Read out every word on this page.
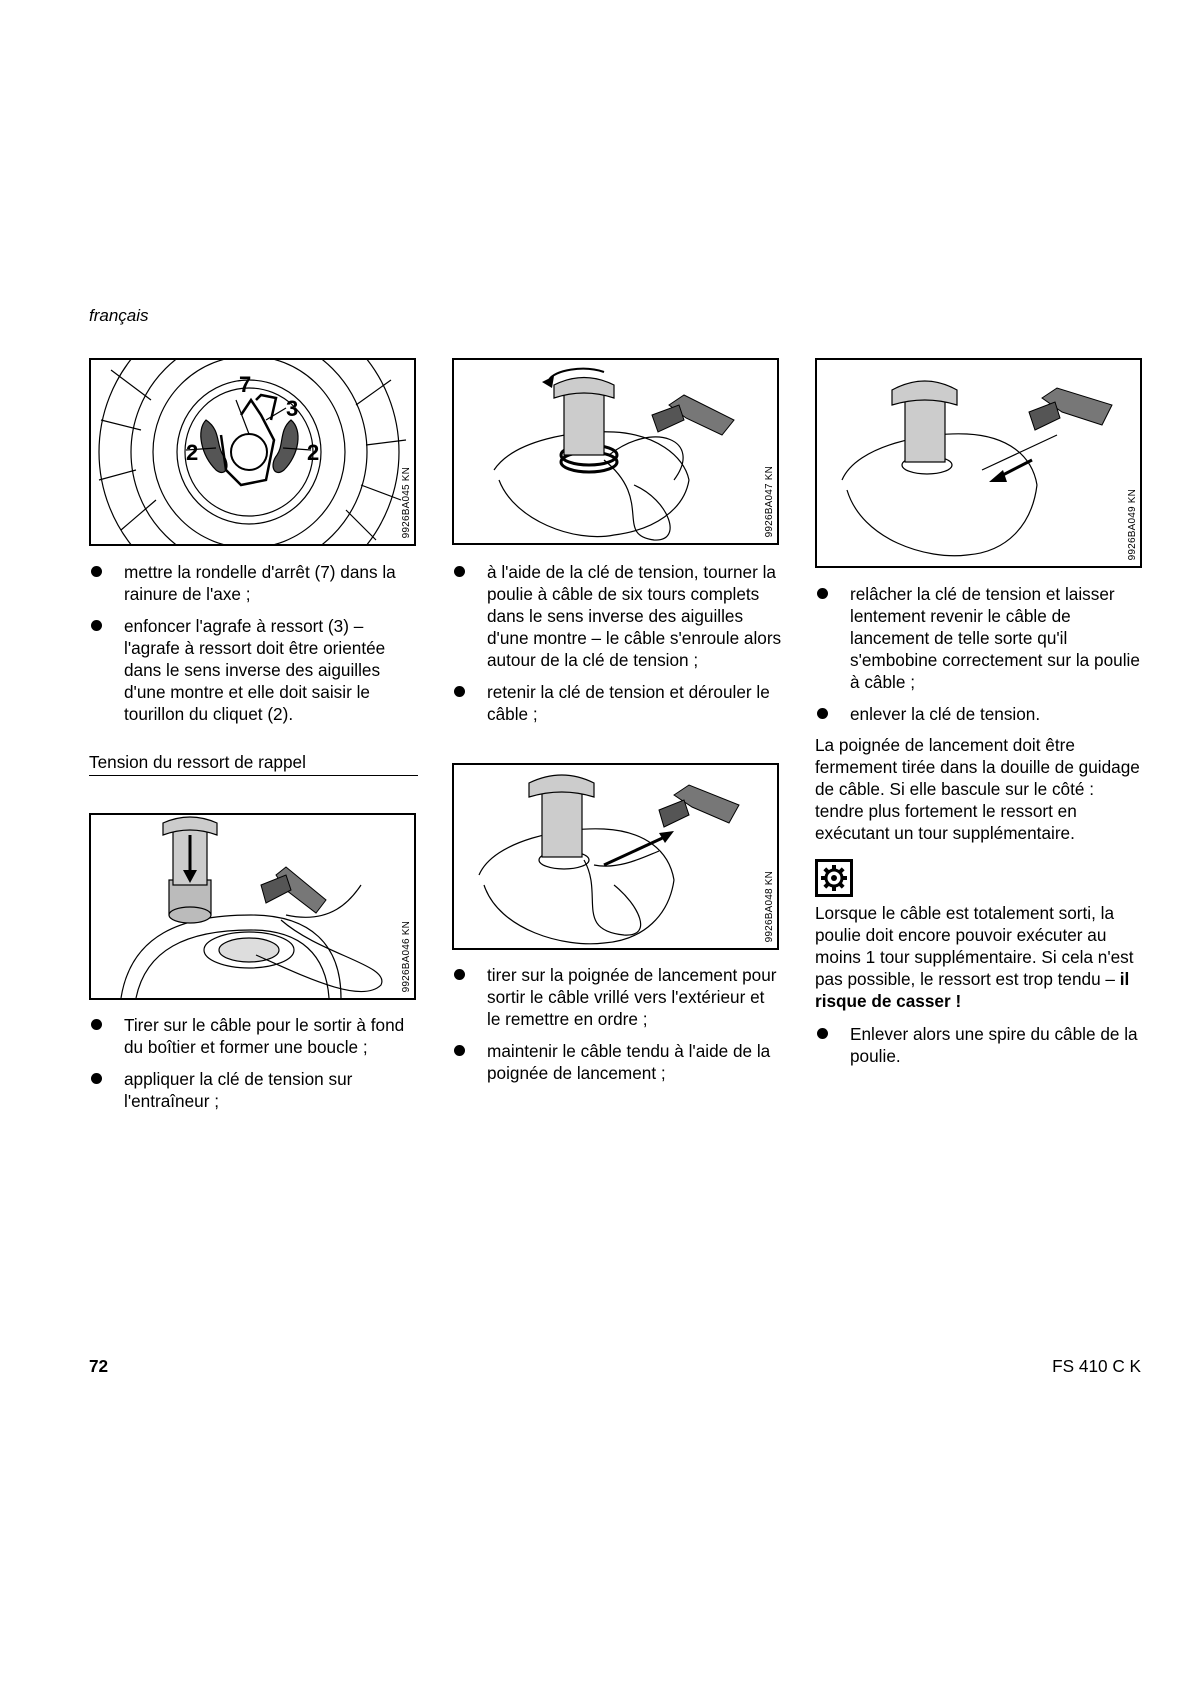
français
7
3
2	2
9926BA045 KN
mettre la rondelle d'arrêt (7) dans la rainure de l'axe ;
enfoncer l'agrafe à ressort (3) – l'agrafe à ressort doit être orientée dans le sens inverse des aiguilles d'une montre et elle doit saisir le tourillon du cliquet (2).
Tension du ressort de rappel
9926BA046 KN
Tirer sur le câble pour le sortir à fond du boîtier et former une boucle ;
appliquer la clé de tension sur l'entraîneur ;
9926BA047 KN
à l'aide de la clé de tension, tourner la poulie à câble de six tours complets dans le sens inverse des aiguilles d'une montre – le câble s'enroule alors autour de la clé de tension ;
retenir la clé de tension et dérouler le câble ;
9926BA048 KN
tirer sur la poignée de lancement pour sortir le câble vrillé vers l'extérieur et le remettre en ordre ;
maintenir le câble tendu à l'aide de la poignée de lancement ;
9926BA049 KN
relâcher la clé de tension et laisser lentement revenir le câble de lancement de telle sorte qu'il s'embobine correctement sur la poulie à câble ;
enlever la clé de tension.
La poignée de lancement doit être fermement tirée dans la douille de guidage de câble. Si elle bascule sur le côté : tendre plus fortement le ressort en exécutant un tour supplémentaire.
Lorsque le câble est totalement sorti, la poulie doit encore pouvoir exécuter au moins 1 tour supplémentaire. Si cela n'est pas possible, le ressort est trop tendu – il risque de casser !
Enlever alors une spire du câble de la poulie.
72	FS 410 C K
